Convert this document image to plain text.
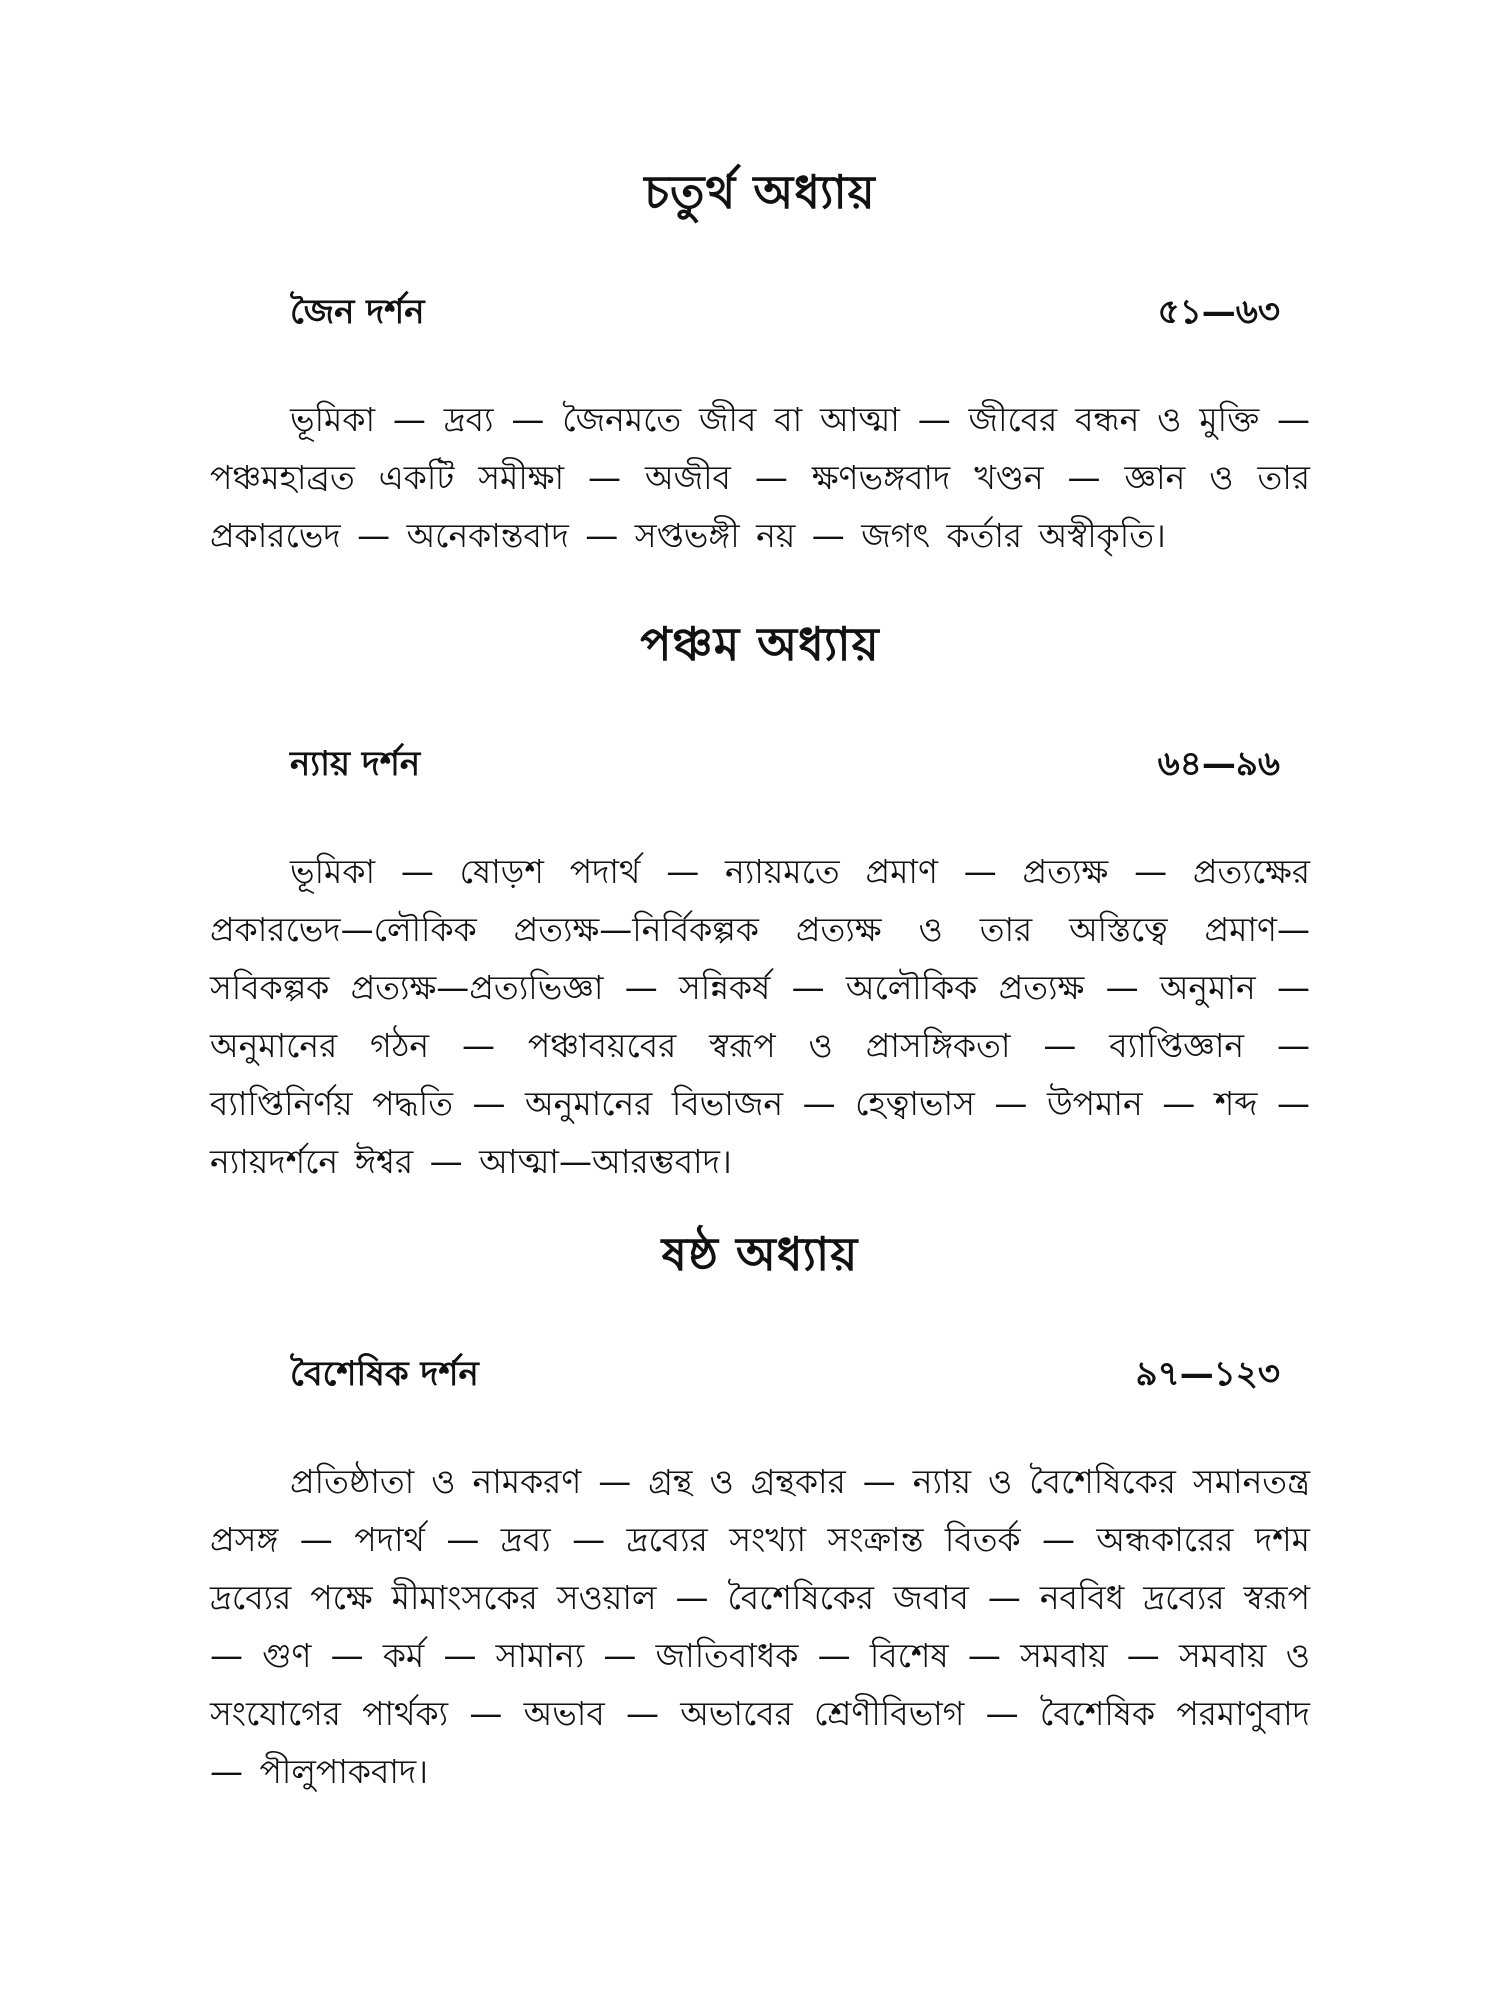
চতুর্থ অধ্যায়
জৈন দর্শন	৫১—৬৩

ভূমিকা — দ্রব্য — জৈনমতে জীব বা আত্মা — জীবের বন্ধন ও মুক্তি — পঞ্চমহাব্রত একটি সমীক্ষা — অজীব — ক্ষণভঙ্গবাদ খণ্ডন — জ্ঞান ও তার প্রকারভেদ — অনেকান্তবাদ — সপ্তভঙ্গী নয় — জগৎ কর্তার অস্বীকৃতি।

পঞ্চম অধ্যায়
ন্যায় দর্শন	৬৪—৯৬

ভূমিকা — ষোড়শ পদার্থ — ন্যায়মতে প্রমাণ — প্রত্যক্ষ — প্রত্যক্ষের প্রকারভেদ—লৌকিক প্রত্যক্ষ—নির্বিকল্পক প্রত্যক্ষ ও তার অস্তিত্বে প্রমাণ— সবিকল্পক প্রত্যক্ষ—প্রত্যভিজ্ঞা — সন্নিকর্ষ — অলৌকিক প্রত্যক্ষ — অনুমান — অনুমানের গঠন — পঞ্চাবয়বের স্বরূপ ও প্রাসঙ্গিকতা — ব্যাপ্তিজ্ঞান — ব্যাপ্তিনির্ণয় পদ্ধতি — অনুমানের বিভাজন — হেত্বাভাস — উপমান — শব্দ — ন্যায়দর্শনে ঈশ্বর — আত্মা—আরম্ভবাদ।

ষষ্ঠ অধ্যায়
বৈশেষিক দর্শন	৯৭—১২৩

প্রতিষ্ঠাতা ও নামকরণ — গ্রন্থ ও গ্রন্থকার — ন্যায় ও বৈশেষিকের সমানতন্ত্র প্রসঙ্গ — পদার্থ — দ্রব্য — দ্রব্যের সংখ্যা সংক্রান্ত বিতর্ক — অন্ধকারের দশম দ্রব্যের পক্ষে মীমাংসকের সওয়াল — বৈশেষিকের জবাব — নববিধ দ্রব্যের স্বরূপ — গুণ — কর্ম — সামান্য — জাতিবাধক — বিশেষ — সমবায় — সমবায় ও সংযোগের পার্থক্য — অভাব — অভাবের শ্রেণীবিভাগ — বৈশেষিক পরমাণুবাদ — পীলুপাকবাদ।
